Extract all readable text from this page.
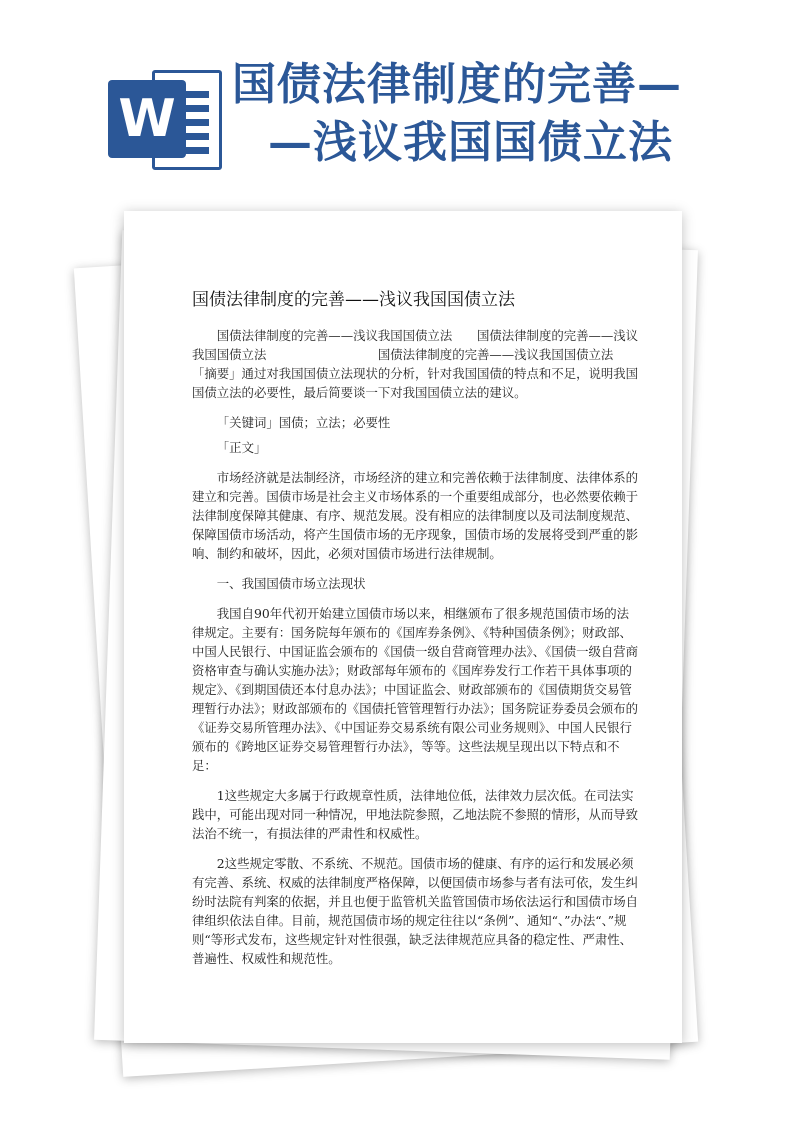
W
国债法律制度的完善—
—浅议我国国债立法
国债法律制度的完善——浅议我国国债立法

国债法律制度的完善——浅议我国国债立法　　国债法律制度的完善——浅议我国国债立法　　　　　　　　　国债法律制度的完善——浅议我国国债立法

「摘要」通过对我国国债立法现状的分析，针对我国国债的特点和不足，说明我国国债立法的必要性，最后简要谈一下对我国国债立法的建议。

「关键词」国债；立法；必要性

「正文」

市场经济就是法制经济，市场经济的建立和完善依赖于法律制度、法律体系的建立和完善。国债市场是社会主义市场体系的一个重要组成部分，也必然要依赖于法律制度保障其健康、有序、规范发展。没有相应的法律制度以及司法制度规范、保障国债市场活动，将产生国债市场的无序现象，国债市场的发展将受到严重的影响、制约和破坏，因此，必须对国债市场进行法律规制。

一、我国国债市场立法现状

我国自90年代初开始建立国债市场以来，相继颁布了很多规范国债市场的法律规定。主要有：国务院每年颁布的《国库券条例》、《特种国债条例》；财政部、中国人民银行、中国证监会颁布的《国债一级自营商管理办法》、《国债一级自营商资格审查与确认实施办法》；财政部每年颁布的《国库券发行工作若干具体事项的规定》、《到期国债还本付息办法》；中国证监会、财政部颁布的《国债期货交易管理暂行办法》；财政部颁布的《国债托管管理暂行办法》；国务院证券委员会颁布的《证券交易所管理办法》、《中国证券交易系统有限公司业务规则》、中国人民银行颁布的《跨地区证券交易管理暂行办法》，等等。这些法规呈现出以下特点和不足：

1这些规定大多属于行政规章性质，法律地位低，法律效力层次低。在司法实践中，可能出现对同一种情况，甲地法院参照，乙地法院不参照的情形，从而导致法治不统一，有损法律的严肃性和权威性。

2这些规定零散、不系统、不规范。国债市场的健康、有序的运行和发展必须有完善、系统、权威的法律制度严格保障，以便国债市场参与者有法可依，发生纠纷时法院有判案的依据，并且也便于监管机关监管国债市场依法运行和国债市场自律组织依法自律。目前，规范国债市场的规定往往以“条例”、通知“、”办法“、”规则“等形式发布，这些规定针对性很强，缺乏法律规范应具备的稳定性、严肃性、普遍性、权威性和规范性。
